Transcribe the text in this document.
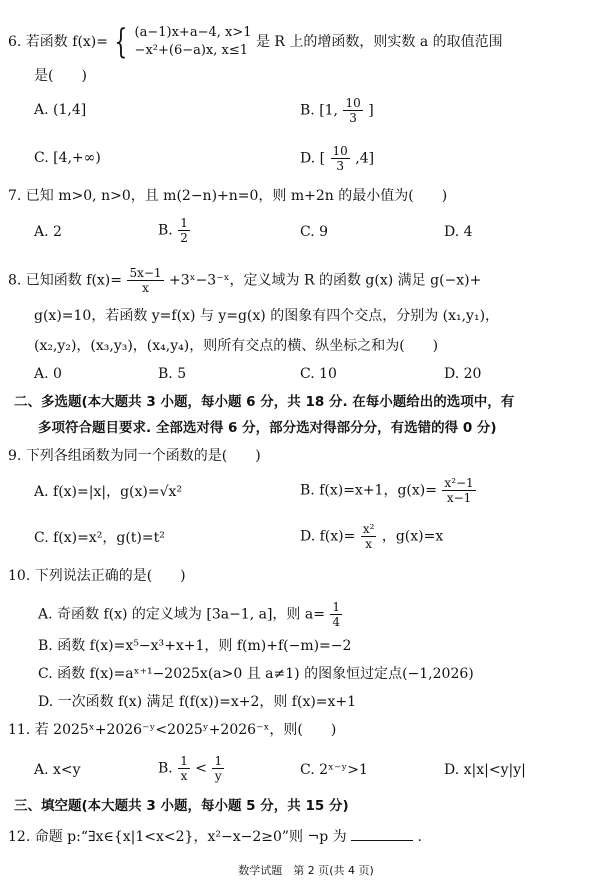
6. 若函数 f(x)= { (a−1)x+a−4, x>1
−x²+(6−a)x, x≤1
是 R 上的增函数，则实数 a 的取值范围
是(　　)
A. (1,4]	B. [1, $\frac{10}{3}$ ]
C. [4,+∞)	D. [ $\frac{10}{3} ,4$]
7. 已知 m>0, n>0，且 m(2−n)+n=0，则 m+2n 的最小值为(　　)
A. 2	B. $\frac{1}{2}$	C. 9	D. 4
8. 已知函数 $f(x)= \frac{5x-1}{x}$ +3ˣ−3⁻ˣ，定义域为 R 的函数 g(x) 满足 g(−x)+
g(x)=10，若函数 y=f(x) 与 y=g(x) 的图象有四个交点，分别为 (x₁,y₁)，
(x₂,y₂)，(x₃,y₃)，(x₄,y₄)，则所有交点的横、纵坐标之和为(　　)
A. 0	B. 5	C. 10	D. 20
二、多选题(本大题共 3 小题，每小题 6 分，共 18 分. 在每小题给出的选项中，有
多项符合题目要求. 全部选对得 6 分，部分选对得部分分，有选错的得 0 分)
9. 下列各组函数为同一个函数的是(　　)
A. f(x)=|x|，g(x)=√x²	B. f(x)=x+1，$g(x)= \frac{\text{x²−1}}{x-1}$
C. f(x)=x²，g(t)=t²	D. $f(x)= \frac{\text{x²}}{x}$ ，g(x)=x
10. 下列说法正确的是(　　)
A. 奇函数 f(x) 的定义域为 [3a−1, a]，则 $a= \frac{1}{4}$
B. 函数 f(x)=x⁵−x³+x+1，则 f(m)+f(−m)=−2
C. 函数 f(x)=aˣ⁺¹−2025x(a>0 且 a≠1) 的图象恒过定点(−1,2026)
D. 一次函数 f(x) 满足 f(f(x))=x+2，则 f(x)=x+1
11. 若 2025ˣ+2026⁻ʸ<2025ʸ+2026⁻ˣ，则(　　)
A. x<y	B. $\frac{1}{x} < \frac{1}{y}$	C. 2ˣ⁻ʸ>1	D. x|x|<y|y|
三、填空题(本大题共 3 小题，每小题 5 分，共 15 分)
12. 命题 p:“∃x∈{x|1<x<2}，x²−x−2≥0”则 ¬p 为	.
数学试题　第 2 页(共 4 页)
